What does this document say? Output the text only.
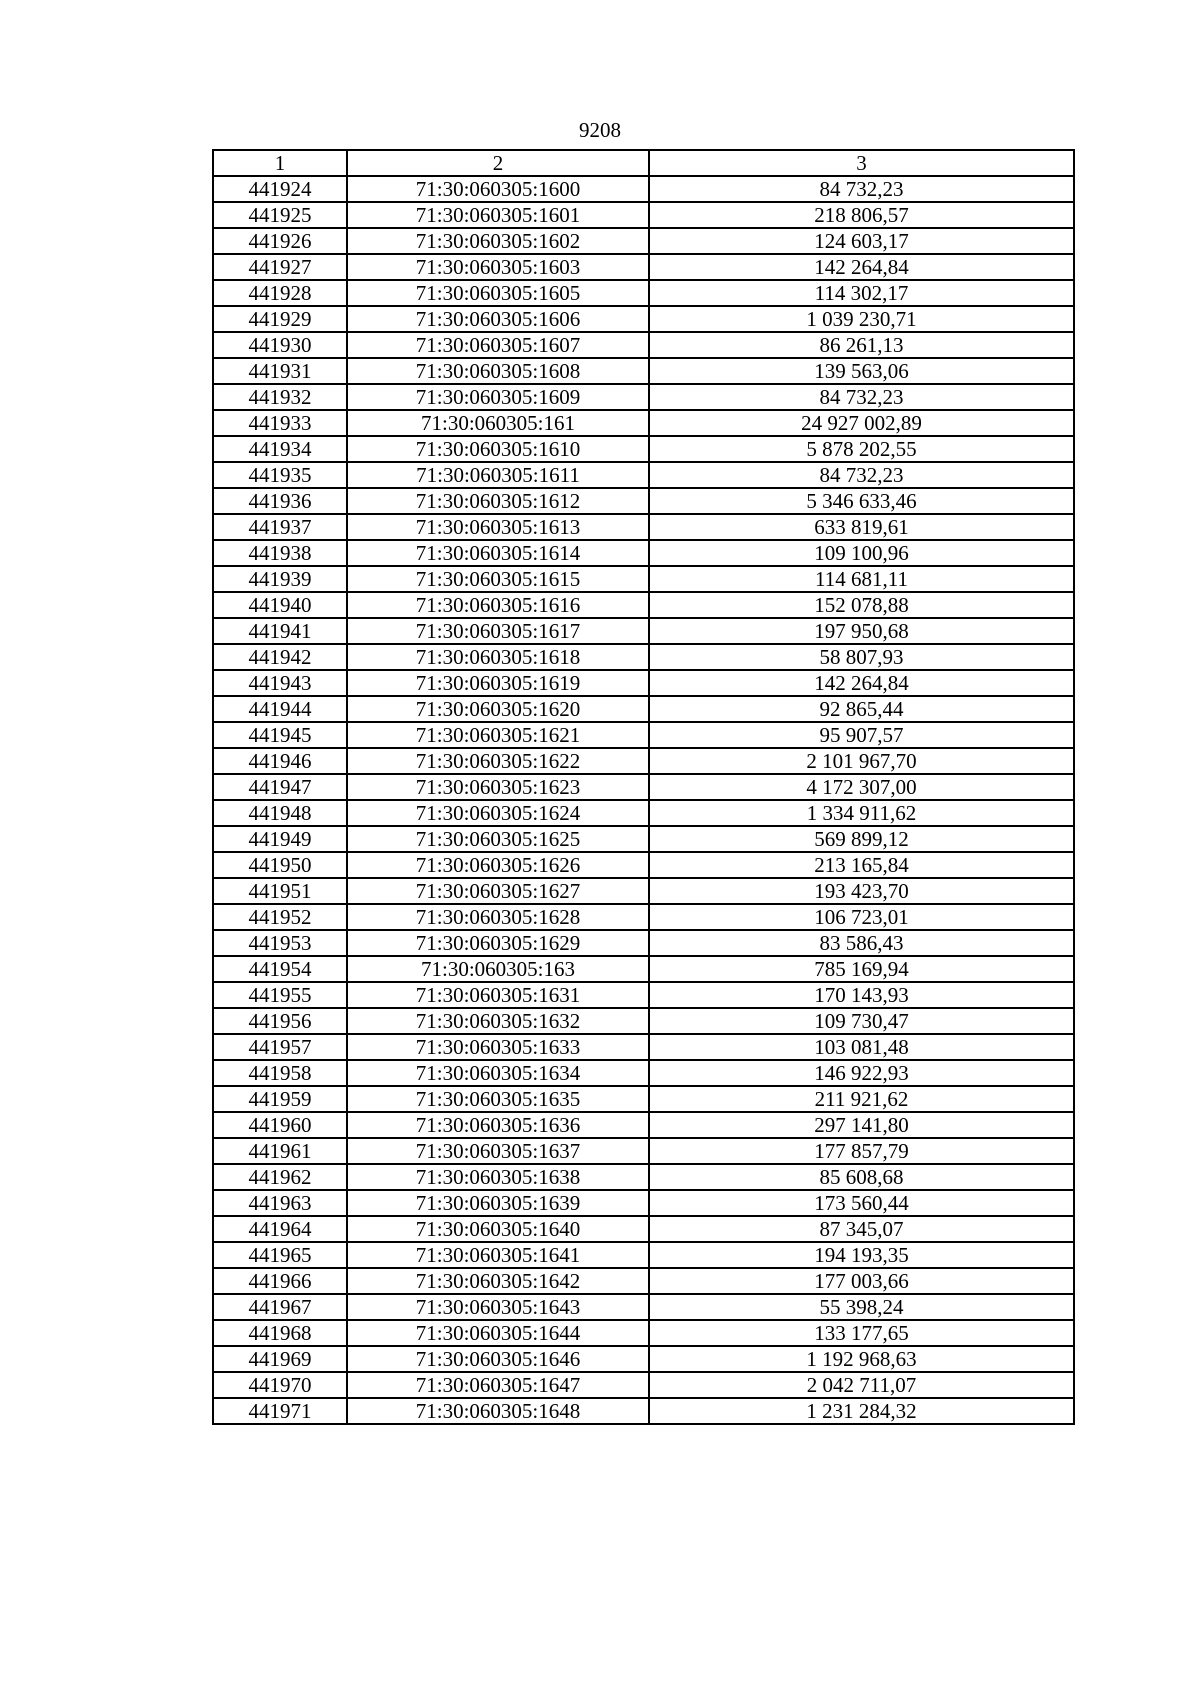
9208
1	2	3
441924	71:30:060305:1600	84 732,23
441925	71:30:060305:1601	218 806,57
441926	71:30:060305:1602	124 603,17
441927	71:30:060305:1603	142 264,84
441928	71:30:060305:1605	114 302,17
441929	71:30:060305:1606	1 039 230,71
441930	71:30:060305:1607	86 261,13
441931	71:30:060305:1608	139 563,06
441932	71:30:060305:1609	84 732,23
441933	71:30:060305:161	24 927 002,89
441934	71:30:060305:1610	5 878 202,55
441935	71:30:060305:1611	84 732,23
441936	71:30:060305:1612	5 346 633,46
441937	71:30:060305:1613	633 819,61
441938	71:30:060305:1614	109 100,96
441939	71:30:060305:1615	114 681,11
441940	71:30:060305:1616	152 078,88
441941	71:30:060305:1617	197 950,68
441942	71:30:060305:1618	58 807,93
441943	71:30:060305:1619	142 264,84
441944	71:30:060305:1620	92 865,44
441945	71:30:060305:1621	95 907,57
441946	71:30:060305:1622	2 101 967,70
441947	71:30:060305:1623	4 172 307,00
441948	71:30:060305:1624	1 334 911,62
441949	71:30:060305:1625	569 899,12
441950	71:30:060305:1626	213 165,84
441951	71:30:060305:1627	193 423,70
441952	71:30:060305:1628	106 723,01
441953	71:30:060305:1629	83 586,43
441954	71:30:060305:163	785 169,94
441955	71:30:060305:1631	170 143,93
441956	71:30:060305:1632	109 730,47
441957	71:30:060305:1633	103 081,48
441958	71:30:060305:1634	146 922,93
441959	71:30:060305:1635	211 921,62
441960	71:30:060305:1636	297 141,80
441961	71:30:060305:1637	177 857,79
441962	71:30:060305:1638	85 608,68
441963	71:30:060305:1639	173 560,44
441964	71:30:060305:1640	87 345,07
441965	71:30:060305:1641	194 193,35
441966	71:30:060305:1642	177 003,66
441967	71:30:060305:1643	55 398,24
441968	71:30:060305:1644	133 177,65
441969	71:30:060305:1646	1 192 968,63
441970	71:30:060305:1647	2 042 711,07
441971	71:30:060305:1648	1 231 284,32
